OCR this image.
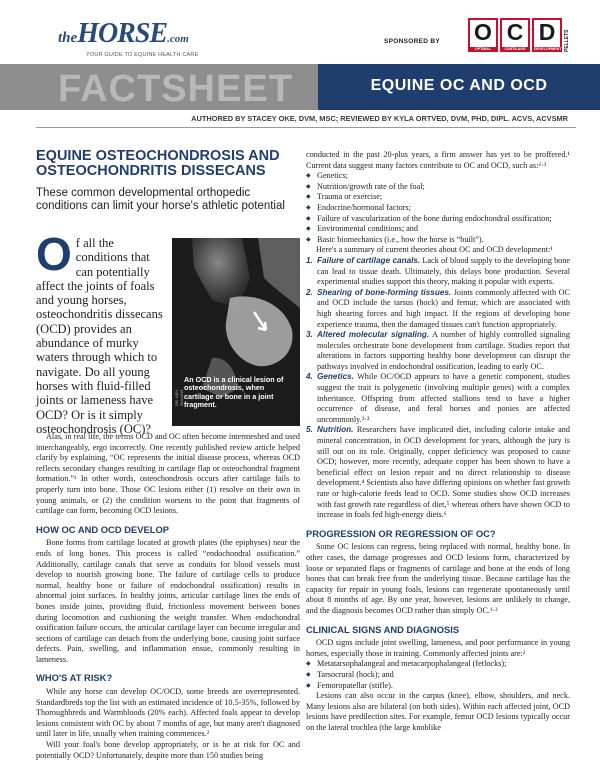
theHORSE.com
YOUR GUIDE TO EQUINE HEALTH CARE
SPONSORED BY O
OPTIMAL
C
CARTILAGE
D
DEVELOPMENT PELLETS
FACTSHEET	EQUINE OC AND OCD
AUTHORED BY STACEY OKE, DVM, MSC; REVIEWED BY KYLA ORTVED, DVM, PHD, DIPL. ACVS, ACVSMR
EQUINE OSTEOCHONDROSIS AND OSTEOCHONDRITIS DISSECANS
These common developmental orthopedic conditions can limit your horse's athletic potential
Of all the conditions that can potentially affect the joints of foals and young horses, osteochondritis dissecans (OCD) provides an abundance of murky waters through which to navigate. Do all young horses with fluid-filled joints or lameness have OCD? Or is it simply osteochondrosis (OC)?
DR. KEN SULLINS
An OCD is a clinical lesion of osteochondrosis, when cartilage or bone in a joint fragment.

Alas, in real life, the terms OCD and OC often become intermeshed and used interchangeably, ergo incorrectly. One recently published review article helped clarify by explaining, “OC represents the initial disease process, whereas OCD reflects secondary changes resulting in cartilage flap or osteochondral fragment formation.”¹ In other words, osteochondrosis occurs after cartilage fails to properly turn into bone. Those OC lesions either (1) resolve on their own in young animals, or (2) the condition worsens to the point that fragments of cartilage can form, becoming OCD lesions.

HOW OC AND OCD DEVELOP

Bone forms from cartilage located at growth plates (the epiphyses) near the ends of long bones. This process is called “endochondral ossification.” Additionally, cartilage canals that serve as conduits for blood vessels must develop to nourish growing bone. The failure of cartilage cells to produce normal, healthy bone or failure of endochondral ossification) results in abnormal joint surfaces. In healthy joints, articular cartilage lines the ends of bones inside joints, providing fluid, frictionless movement between bones during locomotion and cushioning the weight transfer. When endochondral ossification failure occurs, the articular cartilage layer can become irregular and sections of cartilage can detach from the underlying bone, causing joint surface defects. Pain, swelling, and inflammation ensue, commonly resulting in lameness.

WHO'S AT RISK?

While any horse can develop OC/OCD, some breeds are overrepresented. Standardbreds top the list with an estimated incidence of 10.5-35%, followed by Thoroughbreds and Warmbloods (20% each). Affected foals appear to develop lesions consistent with OC by about 7 months of age, but many aren't diagnosed until later in life, usually when training commences.²

Will your foal's bone develop appropriately, or is he at risk for OC and potentially OCD? Unfortunately, despite more than 150 studies being

conducted in the past 20-plus years, a firm answer has yet to be proffered.¹ Current data suggest many factors contribute to OC and OCD, such as:²·³

◆ Genetics;
◆ Nutrition/growth rate of the foal;
◆ Trauma or exercise;
◆ Endocrine/hormonal factors;
◆ Failure of vascularization of the bone during endochondral ossification;
◆ Environmental conditions; and
◆ Basic biomechanics (i.e., how the horse is “built”).

Here's a summary of current theories about OC and OCD development:¹

1. Failure of cartilage canals. Lack of blood supply to the developing bone can lead to tissue death. Ultimately, this delays bone production. Several experimental studies support this theory, making it popular with experts.
2. Shearing of bone-forming tissues. Joints commonly affected with OC and OCD include the tarsus (hock) and femur, which are associated with high shearing forces and high impact. If the regions of developing bone experience trauma, then the damaged tissues can't function appropriately.
3. Altered molecular signaling. A number of highly controlled signaling molecules orchestrate bone development from cartilage. Studies report that alterations in factors supporting healthy bone development can disrupt the pathways involved in endochondral ossification, leading to early OC.
4. Genetics. While OC/OCD appears to have a genetic component, studies suggest the trait is polygenetic (involving multiple genes) with a complex inheritance. Offspring from affected stallions tend to have a higher occurrence of disease, and feral horses and ponies are affected uncommonly.²·³
5. Nutrition. Researchers have implicated diet, including calorie intake and mineral concentration, in OCD development for years, although the jury is still out on its role. Originally, copper deficiency was proposed to cause OCD; however, more recently, adequate copper has been shown to have a beneficial effect on lesion repair and no direct relationship to disease development.⁴ Scientists also have differing opinions on whether fast growth rate or high-calorie feeds lead to OCD. Some studies show OCD increases with fast growth rate regardless of diet,⁵ whereas others have shown OCD to increase in foals fed high-energy diets.⁶
PROGRESSION OR REGRESSION OF OC?

Some OC lesions can regress, being replaced with normal, healthy bone. In other cases, the damage progresses and OCD lesions form, characterized by loose or separated flaps or fragments of cartilage and bone at the ends of long bones that can break free from the underlying tissue. Because cartilage has the capacity for repair in young foals, lesions can regenerate spontaneously until about 8 months of age. By one year, however, lesions are unlikely to change, and the diagnosis becomes OCD rather than simply OC.¹·²

CLINICAL SIGNS AND DIAGNOSIS

OCD signs include joint swelling, lameness, and poor performance in young horses, especially those in training. Commonly affected joints are:²

◆ Metatarsophalangeal and metacarpophalangeal (fetlocks);
◆ Tarsocrural (hock); and
◆ Femoropatellar (stifle).

Lesions can also occur in the carpus (knee), elbow, shoulders, and neck. Many lesions also are bilateral (on both sides). Within each affected joint, OCD lesions have predilection sites. For example, femur OCD lesions typically occur on the lateral trochlea (the large knoblike
